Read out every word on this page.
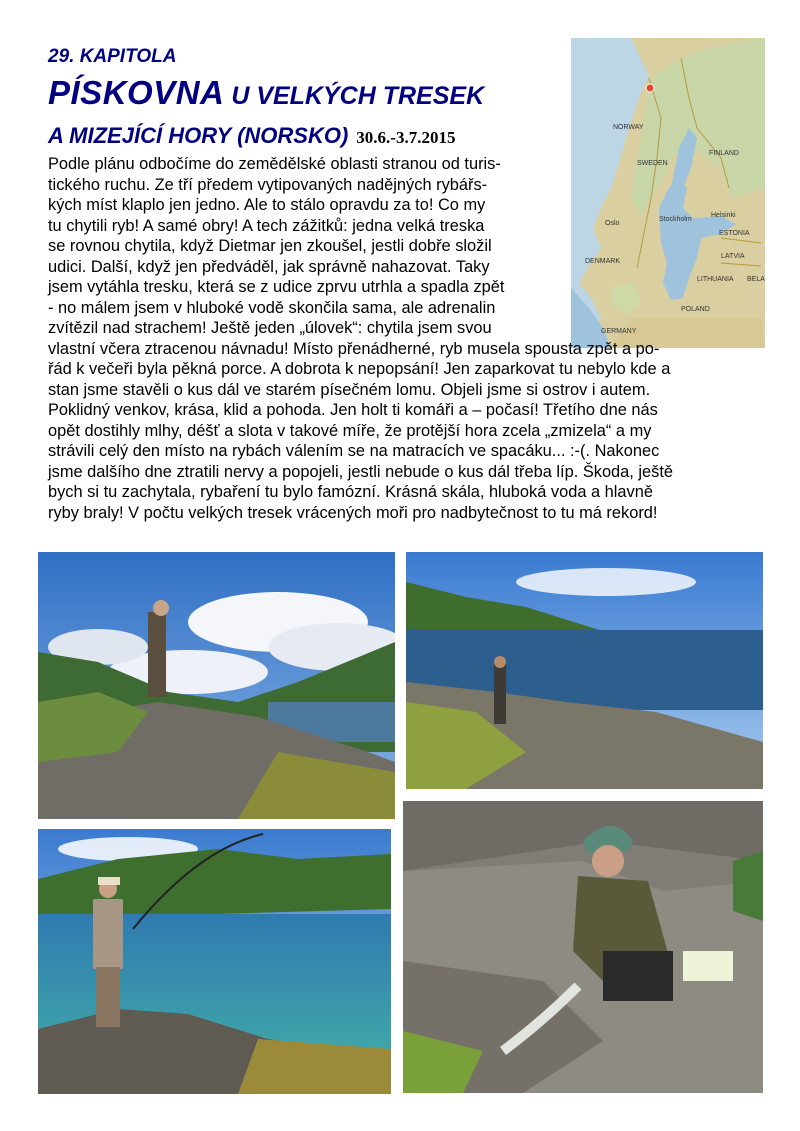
29. KAPITOLA
PÍSKOVNA U VELKÝCH TRESEK
A MIZEJÍCÍ HORY (NORSKO) 30.6.-3.7.2015
NORWAY
SWEDEN
FINLAND
Stockholm
Helsinki
Oslo
DENMARK
ESTONIA
LATVIA
LITHUANIA
POLAND
GERMANY
BELA
Podle plánu odbočíme do zemědělské oblasti stranou od turis-
tického ruchu. Ze tří předem vytipovaných nadějných rybářs-
kých míst klaplo jen jedno. Ale to stálo opravdu za to! Co my
tu chytili ryb! A samé obry! A tech zážitků: jedna velká treska
se rovnou chytila, když Dietmar jen zkoušel, jestli dobře složil
udici. Další, když jen předváděl, jak správně nahazovat. Taky
jsem vytáhla tresku, která se z udice zprvu utrhla a spadla zpět
- no málem jsem v hluboké vodě skončila sama, ale adrenalin
zvítězil nad strachem! Ještě jeden „úlovek“: chytila jsem svou
vlastní včera ztracenou návnadu! Místo přenádherné, ryb musela spousta zpět a po-
řád k večeři byla pěkná porce. A dobrota k nepopsání! Jen zaparkovat tu nebylo kde a
stan jsme stavěli o kus dál ve starém písečném lomu. Objeli jsme si ostrov i autem.
Poklidný venkov, krása, klid a pohoda. Jen holt ti komáři a – počasí! Třetího dne nás
opět dostihly mlhy, déšť a slota v takové míře, že protější hora zcela „zmizela“ a my
strávili celý den místo na rybách válením se na matracích ve spacáku... :-(. Nakonec
jsme dalšího dne ztratili nervy a popojeli, jestli nebude o kus dál třeba líp. Škoda, ještě
bych si tu zachytala, rybaření tu bylo famózní. Krásná skála, hluboká voda a hlavně
ryby braly! V počtu velkých tresek vrácených moři pro nadbytečnost to tu má rekord!
